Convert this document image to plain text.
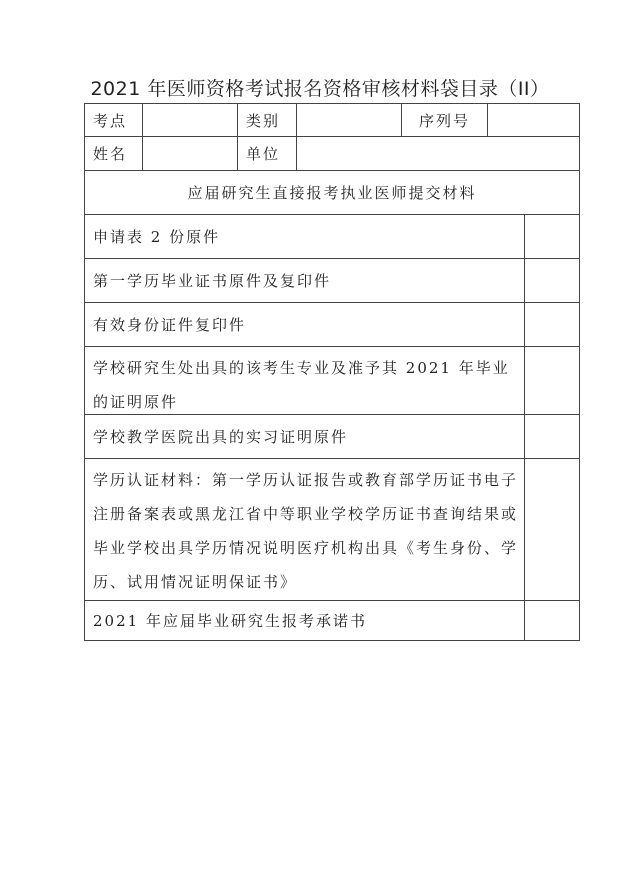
2021 年医师资格考试报名资格审核材料袋目录（II）
考点	类别	序列号
姓名	单位
应届研究生直接报考执业医师提交材料
申请表 2 份原件
第一学历毕业证书原件及复印件
有效身份证件复印件
学校研究生处出具的该考生专业及准予其 2021 年毕业的证明原件
学校教学医院出具的实习证明原件
学历认证材料：第一学历认证报告或教育部学历证书电子注册备案表或黑龙江省中等职业学校学历证书查询结果或毕业学校出具学历情况说明医疗机构出具《考生身份、学历、试用情况证明保证书》
2021 年应届毕业研究生报考承诺书
